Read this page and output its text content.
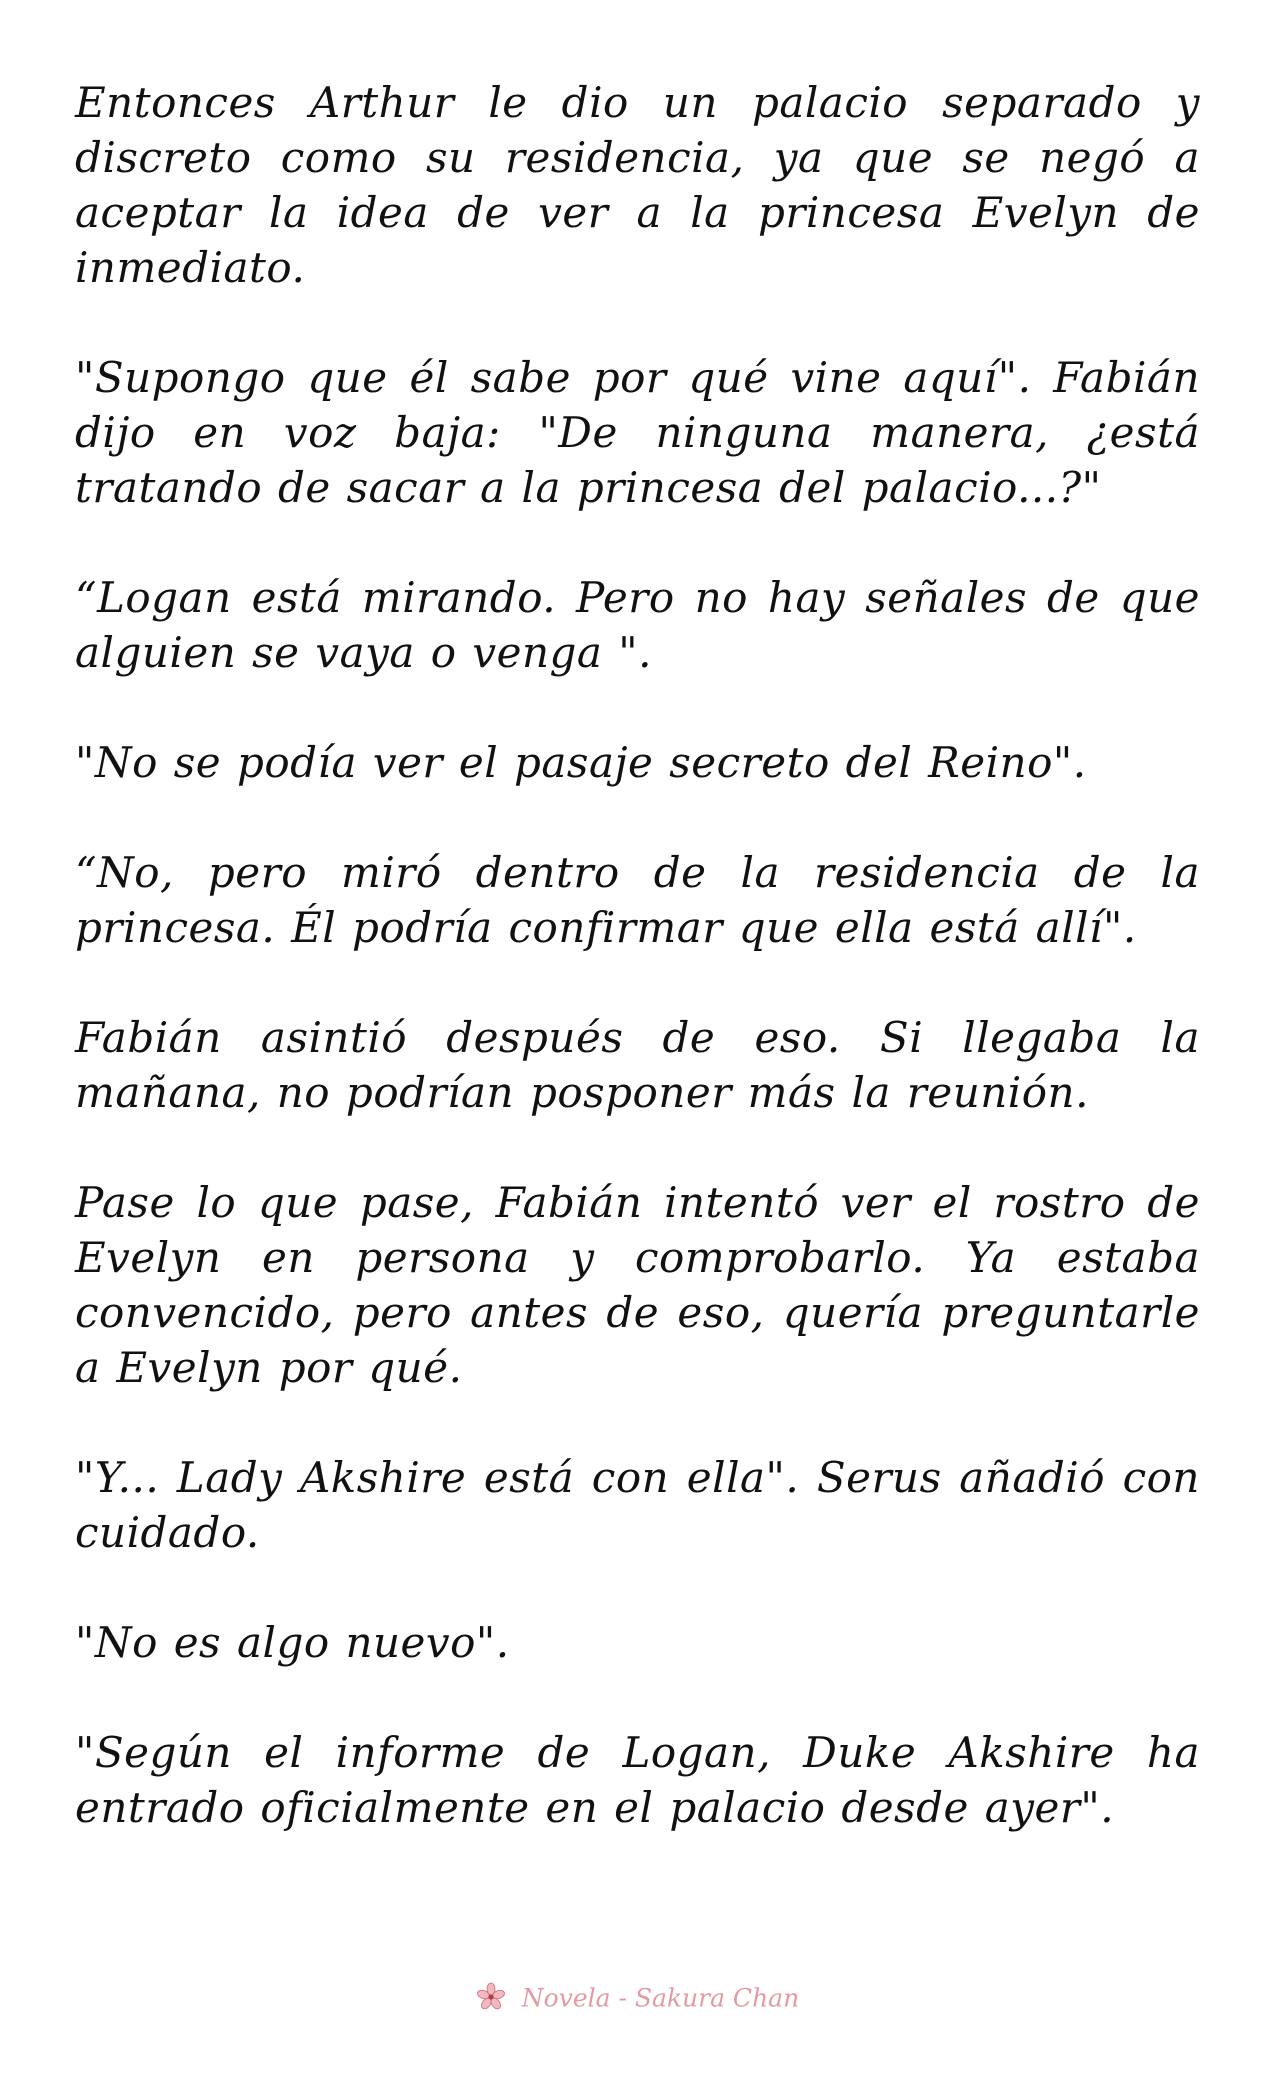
Entonces Arthur le dio un palacio separado y discreto como su residencia, ya que se negó a aceptar la idea de ver a la princesa Evelyn de inmediato.

"Supongo que él sabe por qué vine aquí". Fabián dijo en voz baja: "De ninguna manera, ¿está tratando de sacar a la princesa del palacio...?"

“Logan está mirando. Pero no hay señales de que alguien se vaya o venga ".

"No se podía ver el pasaje secreto del Reino".

“No, pero miró dentro de la residencia de la princesa. Él podría confirmar que ella está allí".

Fabián asintió después de eso. Si llegaba la mañana, no podrían posponer más la reunión.

Pase lo que pase, Fabián intentó ver el rostro de Evelyn en persona y comprobarlo. Ya estaba convencido, pero antes de eso, quería preguntarle a Evelyn por qué.

"Y... Lady Akshire está con ella". Serus añadió con cuidado.

"No es algo nuevo".

"Según el informe de Logan, Duke Akshire ha entrado oficialmente en el palacio desde ayer".

Novela - Sakura Chan
